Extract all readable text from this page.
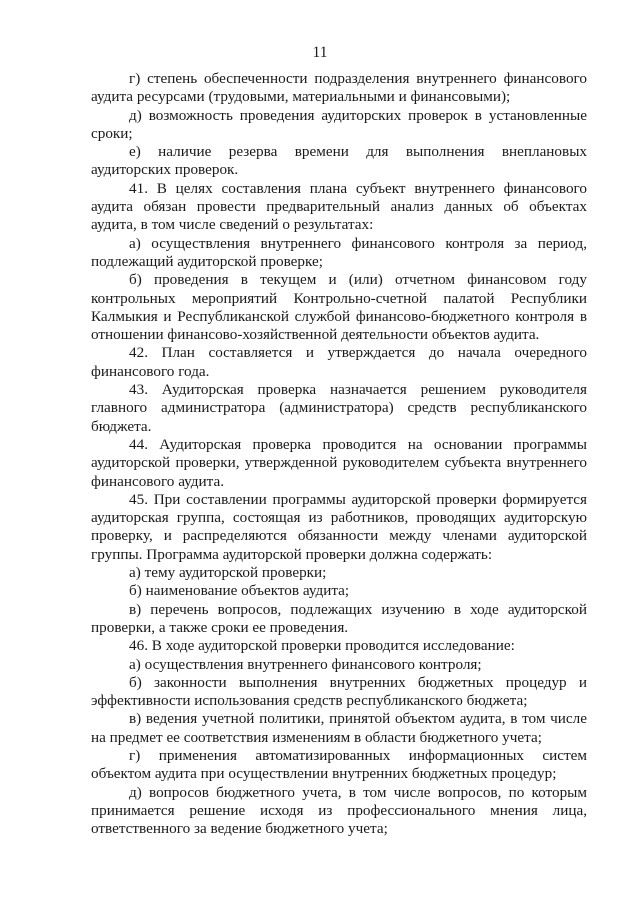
11

г) степень обеспеченности подразделения внутреннего финансового аудита ресурсами (трудовыми, материальными и финансовыми);

д) возможность проведения аудиторских проверок в установленные сроки;

е) наличие резерва времени для выполнения внеплановых аудиторских проверок.

41. В целях составления плана субъект внутреннего финансового аудита обязан провести предварительный анализ данных об объектах аудита, в том числе сведений о результатах:

а) осуществления внутреннего финансового контроля за период, подлежащий аудиторской проверке;

б) проведения в текущем и (или) отчетном финансовом году контрольных мероприятий Контрольно-счетной палатой Республики Калмыкия и Республиканской службой финансово-бюджетного контроля в отношении финансово-хозяйственной деятельности объектов аудита.

42. План составляется и утверждается до начала очередного финансового года.

43. Аудиторская проверка назначается решением руководителя главного администратора (администратора) средств республиканского бюджета.

44. Аудиторская проверка проводится на основании программы аудиторской проверки, утвержденной руководителем субъекта внутреннего финансового аудита.

45. При составлении программы аудиторской проверки формируется аудиторская группа, состоящая из работников, проводящих аудиторскую проверку, и распределяются обязанности между членами аудиторской группы. Программа аудиторской проверки должна содержать:

а) тему аудиторской проверки;

б) наименование объектов аудита;

в) перечень вопросов, подлежащих изучению в ходе аудиторской проверки, а также сроки ее проведения.

46. В ходе аудиторской проверки проводится исследование:

а) осуществления внутреннего финансового контроля;

б) законности выполнения внутренних бюджетных процедур и эффективности использования средств республиканского бюджета;

в) ведения учетной политики, принятой объектом аудита, в том числе на предмет ее соответствия изменениям в области бюджетного учета;

г) применения автоматизированных информационных систем объектом аудита при осуществлении внутренних бюджетных процедур;

д) вопросов бюджетного учета, в том числе вопросов, по которым принимается решение исходя из профессионального мнения лица, ответственного за ведение бюджетного учета;
